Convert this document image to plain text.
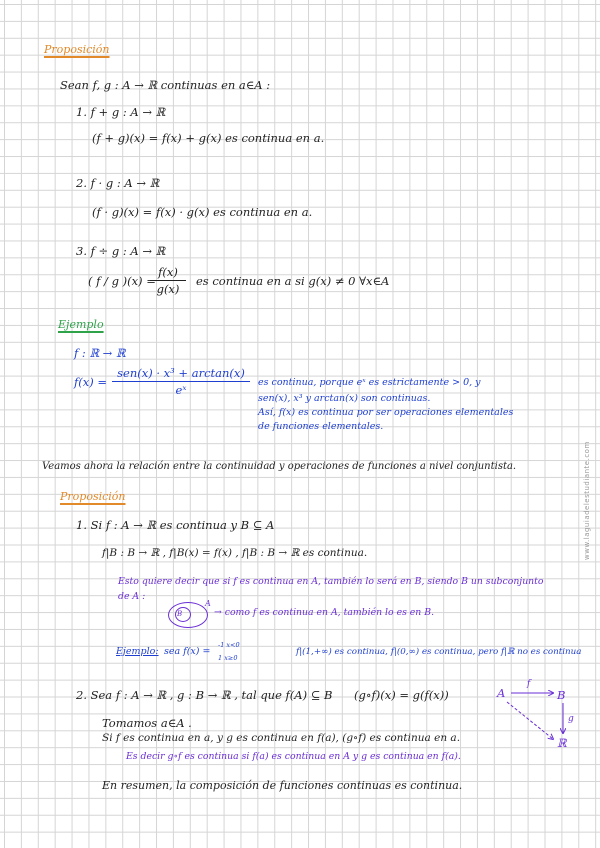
Proposición
Sean f, g : A → ℝ continuas en a∈A :
1. f + g : A → ℝ
(f + g)(x) = f(x) + g(x) es continua en a.
2. f · g : A → ℝ
(f · g)(x) = f(x) · g(x) es continua en a.
3. f ÷ g : A → ℝ
( f / g )(x) =
f(x)
g(x)
es continua en a si g(x) ≠ 0 ∀x∈A
Ejemplo
f : ℝ → ℝ
f(x) =
sen(x) · x³ + arctan(x)
eˣ
es continua, porque eˣ es estrictamente > 0, y
sen(x), x³ y arctan(x) son continuas.
Así, f(x) es continua por ser operaciones elementales
de funciones elementales.
Veamos ahora la relación entre la continuidad y operaciones de funciones a nivel conjuntista.
Proposición
1. Si f : A → ℝ es continua y B ⊆ A
f|B : B → ℝ , f|B(x) = f(x) , f|B : B → ℝ es continua.
Esto quiere decir que si f es continua en A, también lo será en B, siendo B un subconjunto
de A :
A
B	→ como f es continua en A, también lo es en B.
Ejemplo: sea f(x) =
-1 x<0
1 x≥0
f|(1,+∞) es continua, f|(0,∞) es continua, pero f|ℝ no es continua
2. Sea f : A → ℝ , g : B → ℝ , tal que f(A) ⊆ B (g∘f)(x) = g(f(x))	A
f
B
g
ℝ
Tomamos a∈A .
Si f es continua en a, y g es continua en f(a), (g∘f) es continua en a.
Es decir g∘f es continua si f(a) es continua en A y g es continua en f(a).
En resumen, la composición de funciones continuas es continua.
www.laguiadelestudiante.com
